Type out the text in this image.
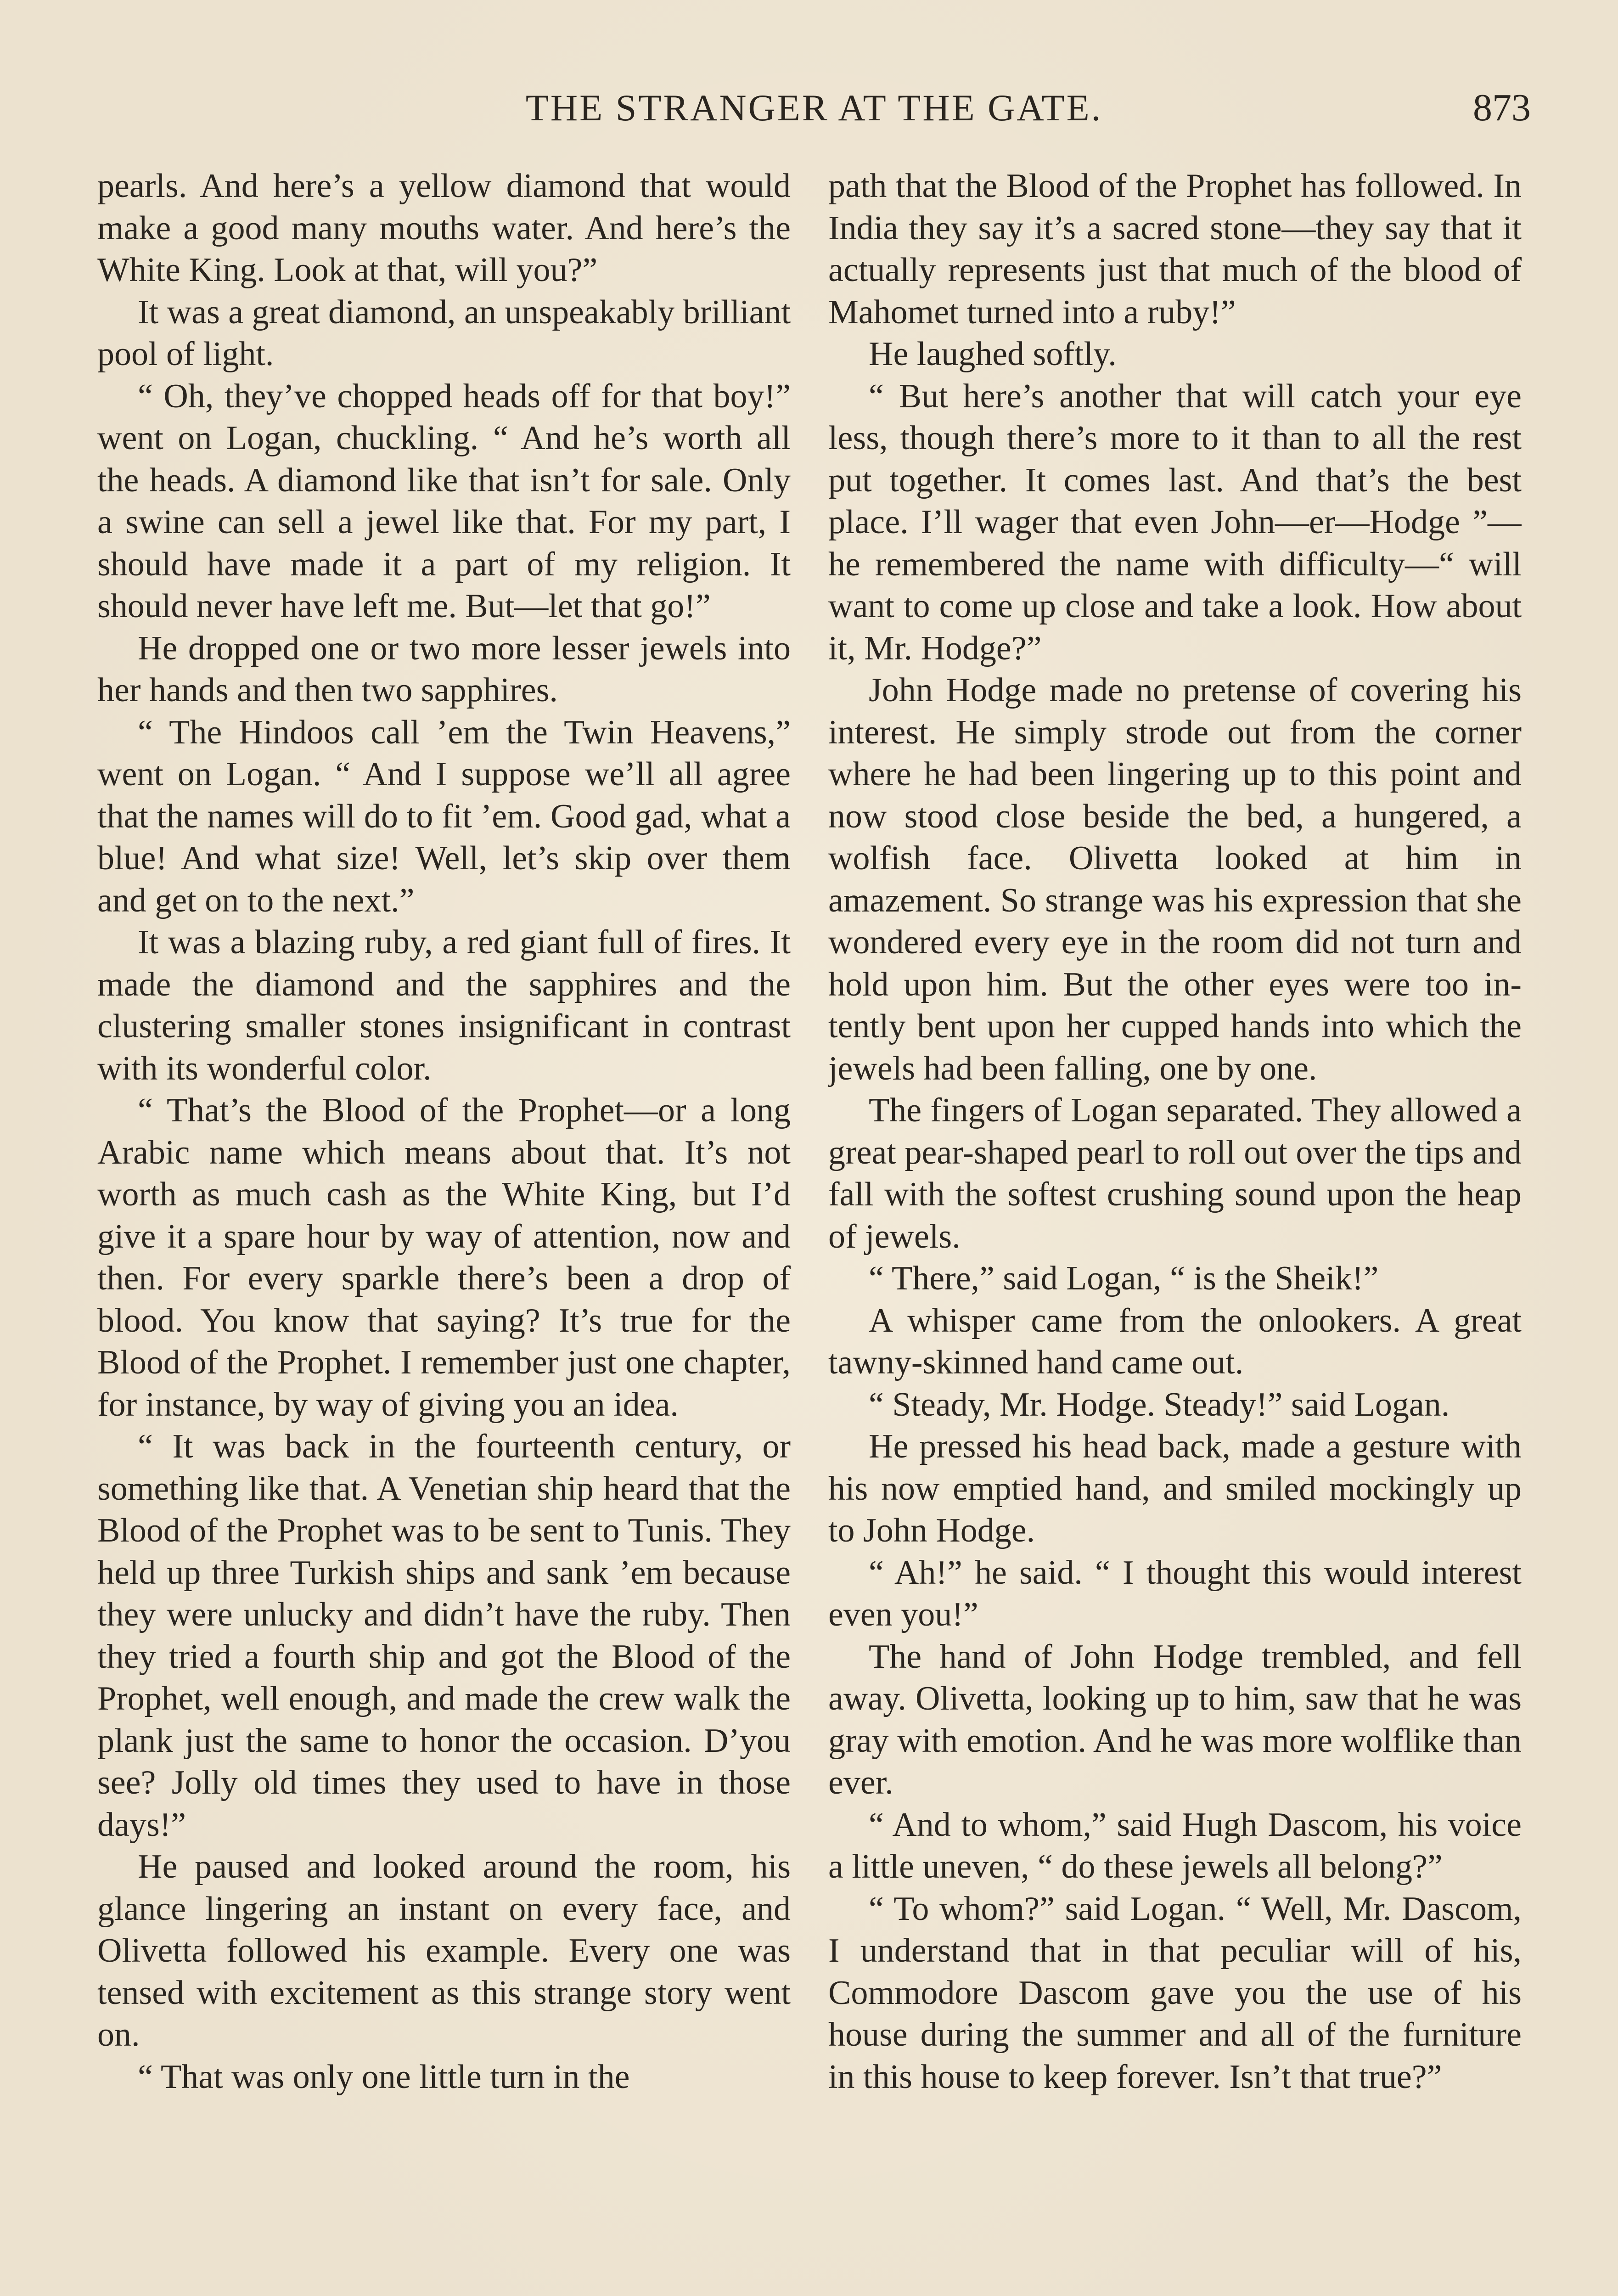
THE STRANGER AT THE GATE.	873

pearls. And here’s a yellow diamond that would make a good many mouths water. And here’s the White King. Look at that, will you?”

It was a great diamond, an unspeakably brilliant pool of light.

“ Oh, they’ve chopped heads off for that boy!” went on Logan, chuckling. “ And he’s worth all the heads. A diamond like that isn’t for sale. Only a swine can sell a jewel like that. For my part, I should have made it a part of my religion. It should never have left me. But—let that go!”

He dropped one or two more lesser jewels into her hands and then two sapphires.

“ The Hindoos call ’em the Twin Heavens,” went on Logan. “ And I suppose we’ll all agree that the names will do to fit ’em. Good gad, what a blue! And what size! Well, let’s skip over them and get on to the next.”

It was a blazing ruby, a red giant full of fires. It made the diamond and the sapphires and the clustering smaller stones insignificant in contrast with its wonderful color.

“ That’s the Blood of the Prophet—or a long Arabic name which means about that. It’s not worth as much cash as the White King, but I’d give it a spare hour by way of attention, now and then. For every sparkle there’s been a drop of blood. You know that saying? It’s true for the Blood of the Prophet. I remember just one chapter, for instance, by way of giving you an idea.

“ It was back in the fourteenth century, or something like that. A Venetian ship heard that the Blood of the Prophet was to be sent to Tunis. They held up three Turkish ships and sank ’em because they were unlucky and didn’t have the ruby. Then they tried a fourth ship and got the Blood of the Prophet, well enough, and made the crew walk the plank just the same to honor the occasion. D’you see? Jolly old times they used to have in those days!”

He paused and looked around the room, his glance lingering an instant on every face, and Olivetta followed his example. Every one was tensed with excitement as this strange story went on.

“ That was only one little turn in the

path that the Blood of the Prophet has followed. In India they say it’s a sacred stone—they say that it actually represents just that much of the blood of Mahomet turned into a ruby!”

He laughed softly.

“ But here’s another that will catch your eye less, though there’s more to it than to all the rest put together. It comes last. And that’s the best place. I’ll wager that even John—er—Hodge ”—he remembered the name with difficulty—“ will want to come up close and take a look. How about it, Mr. Hodge?”

John Hodge made no pretense of covering his interest. He simply strode out from the corner where he had been lingering up to this point and now stood close beside the bed, a hungered, a wolfish face. Olivetta looked at him in amazement. So strange was his expression that she wondered every eye in the room did not turn and hold upon him. But the other eyes were too intently bent upon her cupped hands into which the jewels had been falling, one by one.

The fingers of Logan separated. They allowed a great pear-shaped pearl to roll out over the tips and fall with the softest crushing sound upon the heap of jewels.

“ There,” said Logan, “ is the Sheik!”

A whisper came from the onlookers. A great tawny-skinned hand came out.

“ Steady, Mr. Hodge. Steady!” said Logan.

He pressed his head back, made a gesture with his now emptied hand, and smiled mockingly up to John Hodge.

“ Ah!” he said. “ I thought this would interest even you!”

The hand of John Hodge trembled, and fell away. Olivetta, looking up to him, saw that he was gray with emotion. And he was more wolflike than ever.

“ And to whom,” said Hugh Dascom, his voice a little uneven, “ do these jewels all belong?”

“ To whom?” said Logan. “ Well, Mr. Dascom, I understand that in that peculiar will of his, Commodore Dascom gave you the use of his house during the summer and all of the furniture in this house to keep forever. Isn’t that true?”
